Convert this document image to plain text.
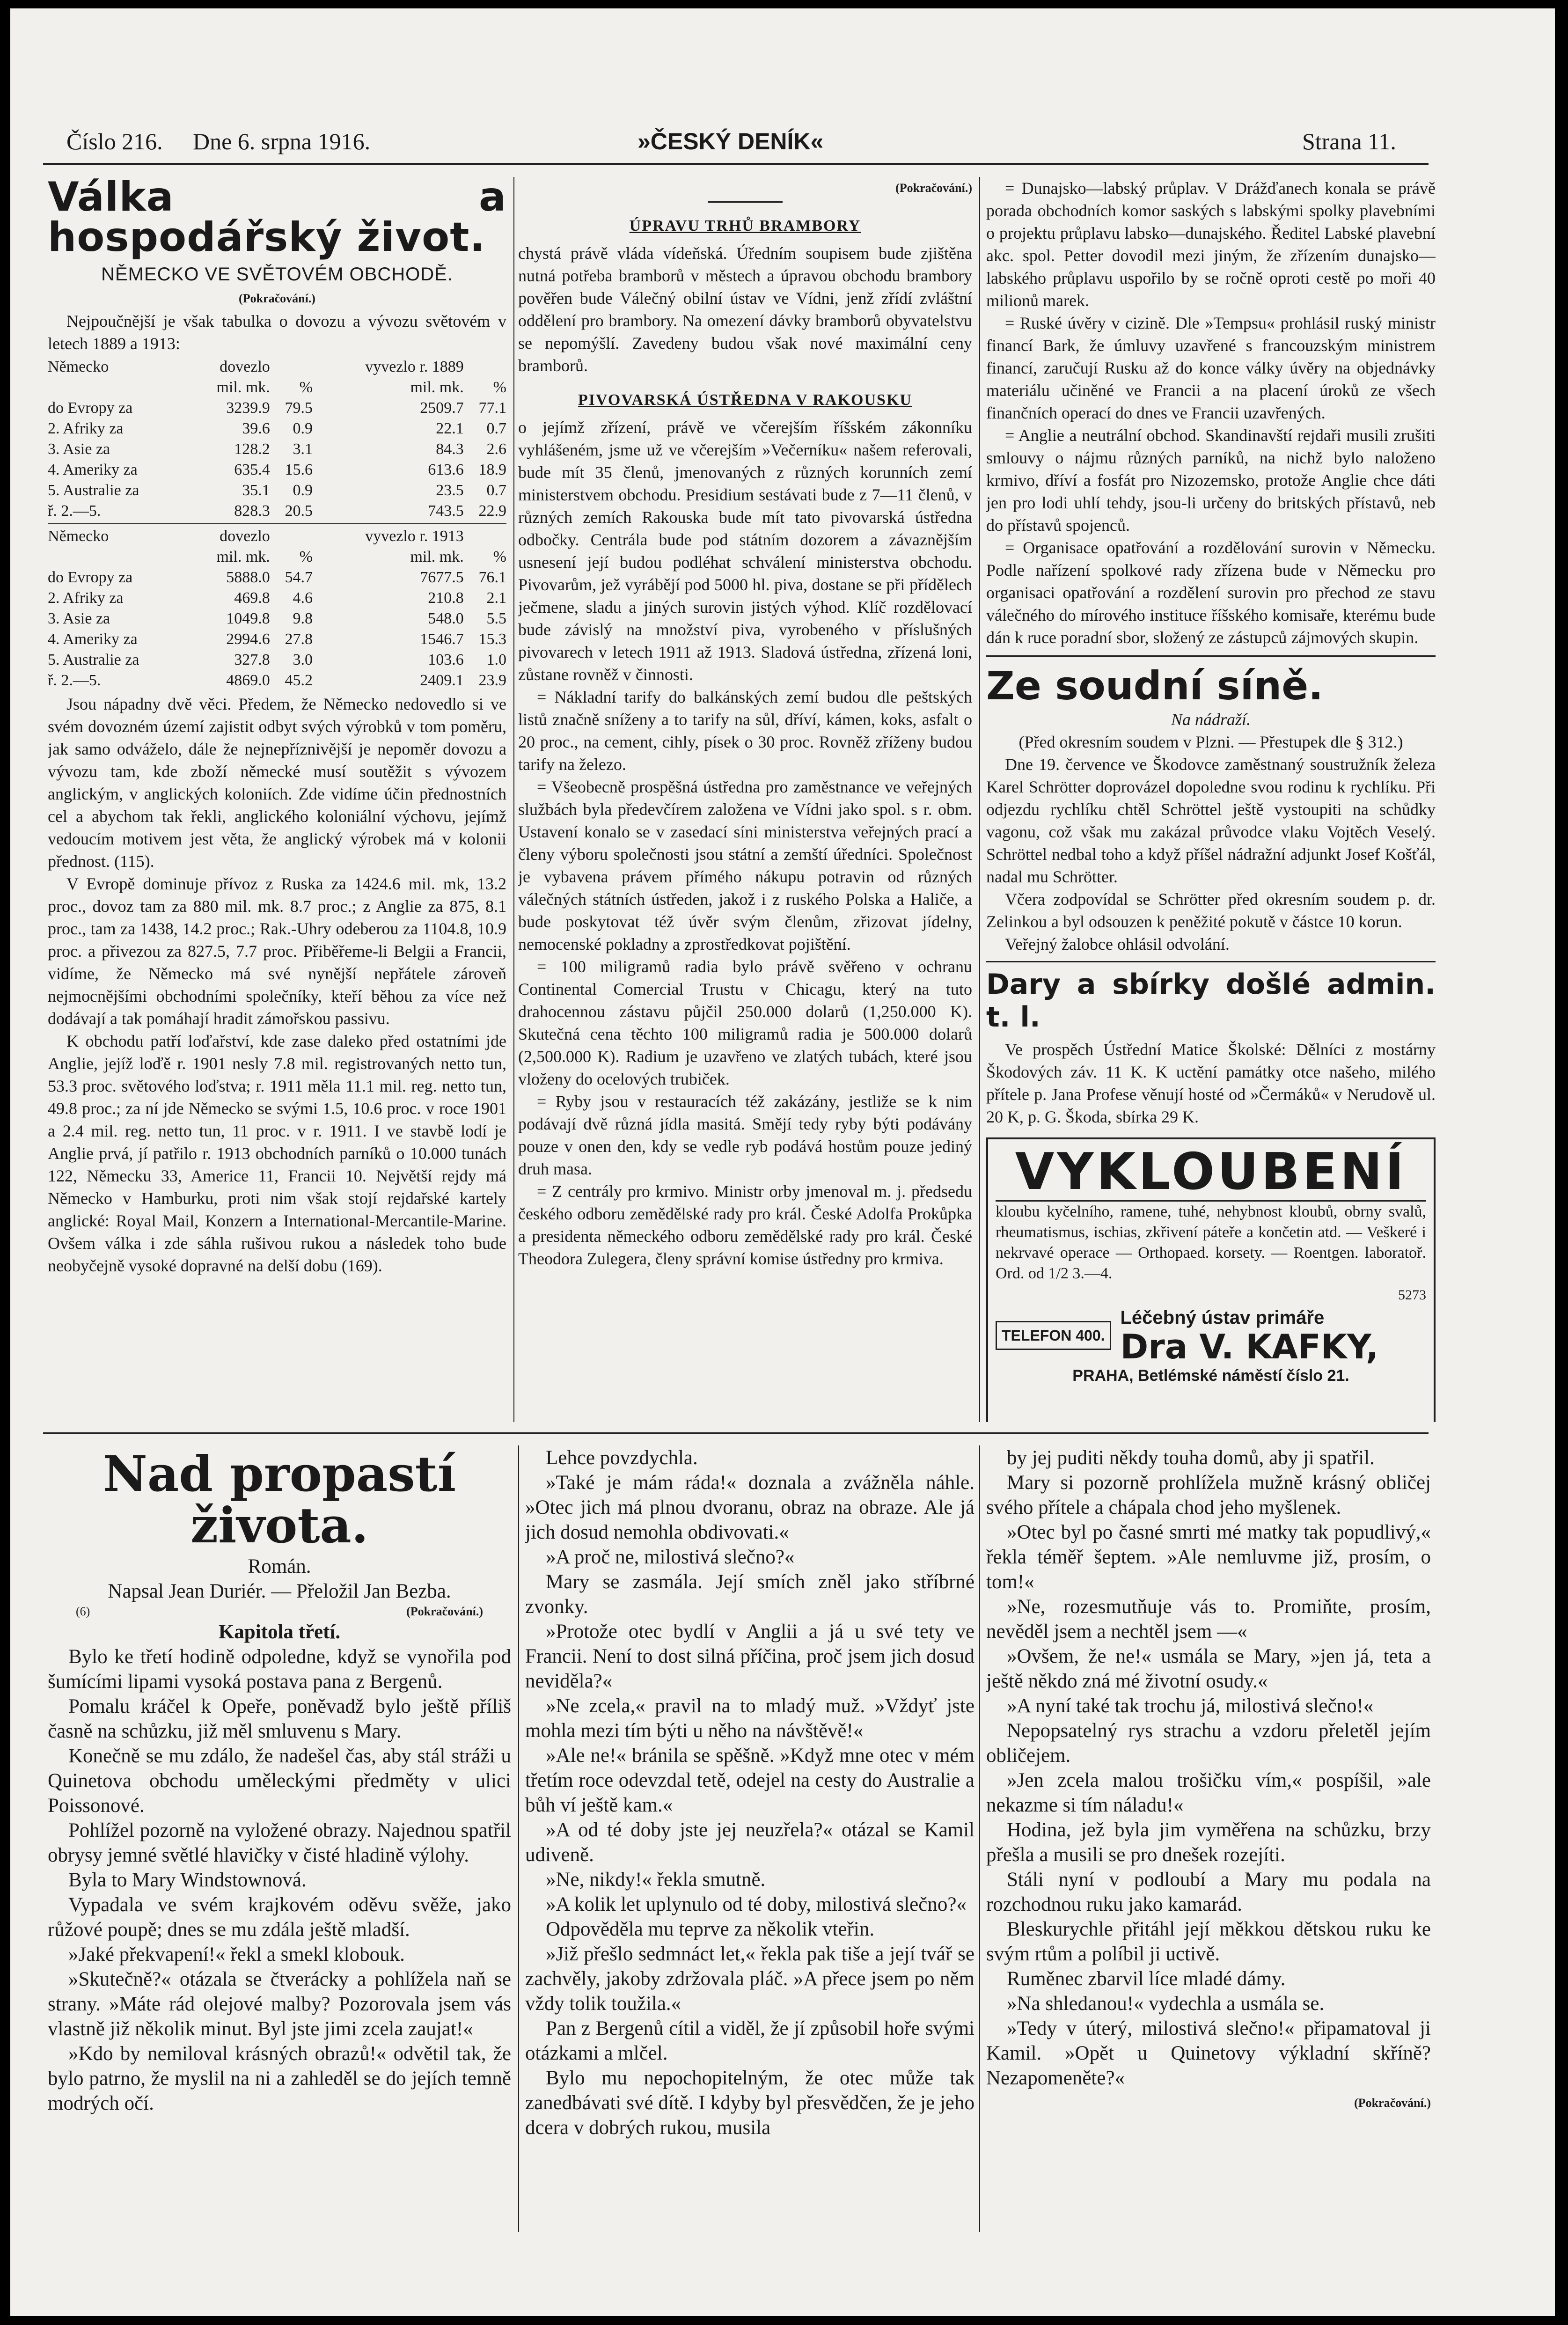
Číslo 216. Dne 6. srpna 1916.	»ČESKÝ DENÍK«	Strana 11.
Válka a hospodářský život.
NĚMECKO VE SVĚTOVÉM OBCHODĚ.

(Pokračování.)

Nejpoučnější je však tabulka o dovozu a vývozu světovém v letech 1889 a 1913:

Německo	dovezlo		vyvezlo r. 1889	
	mil. mk.	%	mil. mk.	%
do Evropy za	3239.9	79.5	2509.7	77.1
2. Afriky za	39.6	0.9	22.1	0.7
3. Asie za	128.2	3.1	84.3	2.6
4. Ameriky za	635.4	15.6	613.6	18.9
5. Australie za	35.1	0.9	23.5	0.7
ř. 2.—5.	828.3	20.5	743.5	22.9
Německo	dovezlo		vyvezlo r. 1913	
	mil. mk.	%	mil. mk.	%
do Evropy za	5888.0	54.7	7677.5	76.1
2. Afriky za	469.8	4.6	210.8	2.1
3. Asie za	1049.8	9.8	548.0	5.5
4. Ameriky za	2994.6	27.8	1546.7	15.3
5. Australie za	327.8	3.0	103.6	1.0
ř. 2.—5.	4869.0	45.2	2409.1	23.9

Jsou nápadny dvě věci. Předem, že Německo nedovedlo si ve svém dovozném území zajistit odbyt svých výrobků v tom poměru, jak samo odváželo, dále že nejnepříznivější je nepoměr dovozu a vývozu tam, kde zboží německé musí soutěžit s vývozem anglickým, v anglických koloniích. Zde vidíme účin přednostních cel a abychom tak řekli, anglického koloniální výchovu, jejímž vedoucím motivem jest věta, že anglický výrobek má v kolonii přednost. (115).

V Evropě dominuje přívoz z Ruska za 1424.6 mil. mk, 13.2 proc., dovoz tam za 880 mil. mk. 8.7 proc.; z Anglie za 875, 8.1 proc., tam za 1438, 14.2 proc.; Rak.-Uhry odeberou za 1104.8, 10.9 proc. a přivezou za 827.5, 7.7 proc. Přiběřeme-li Belgii a Francii, vidíme, že Německo má své nynější nepřátele zároveň nejmocnějšími obchodními společníky, kteří běhou za více než dodávají a tak pomáhají hradit zámořskou passivu.

K obchodu patří loďařství, kde zase daleko před ostatními jde Anglie, jejíž loďě r. 1901 nesly 7.8 mil. registrovaných netto tun, 53.3 proc. světového loďstva; r. 1911 měla 11.1 mil. reg. netto tun, 49.8 proc.; za ní jde Německo se svými 1.5, 10.6 proc. v roce 1901 a 2.4 mil. reg. netto tun, 11 proc. v r. 1911. I ve stavbě lodí je Anglie prvá, jí patřilo r. 1913 obchodních parníků o 10.000 tunách 122, Německu 33, Americe 11, Francii 10. Největší rejdy má Německo v Hamburku, proti nim však stojí rejdařské kartely anglické: Royal Mail, Konzern a International-Mercantile-Marine. Ovšem válka i zde sáhla rušivou rukou a následek toho bude neobyčejně vysoké dopravné na delší dobu (169).

(Pokračování.)

ÚPRAVU TRHŮ BRAMBORY

chystá právě vláda vídeňská. Úředním soupisem bude zjištěna nutná potřeba bramborů v městech a úpravou obchodu brambory pověřen bude Válečný obilní ústav ve Vídni, jenž zřídí zvláštní oddělení pro brambory. Na omezení dávky bramborů obyvatelstvu se nepomýšlí. Zavedeny budou však nové maximální ceny bramborů.

PIVOVARSKÁ ÚSTŘEDNA V RAKOUSKU

o jejímž zřízení, právě ve včerejším říšském zákonníku vyhlášeném, jsme už ve včerejším »Večerníku« našem referovali, bude mít 35 členů, jmenovaných z různých korunních zemí ministerstvem obchodu. Presidium sestávati bude z 7—11 členů, v různých zemích Rakouska bude mít tato pivovarská ústředna odbočky. Centrála bude pod státním dozorem a závaznějším usnesení její budou podléhat schválení ministerstva obchodu. Pivovarům, jež vyrábějí pod 5000 hl. piva, dostane se při přídělech ječmene, sladu a jiných surovin jistých výhod. Klíč rozdělovací bude závislý na množství piva, vyrobeného v příslušných pivovarech v letech 1911 až 1913. Sladová ústředna, zřízená loni, zůstane rovněž v činnosti.

= Nákladní tarify do balkánských zemí budou dle peštských listů značně sníženy a to tarify na sůl, dříví, kámen, koks, asfalt o 20 proc., na cement, cihly, písek o 30 proc. Rovněž zříženy budou tarify na železo.

= Všeobecně prospěšná ústředna pro zaměstnance ve veřejných službách byla předevčírem založena ve Vídni jako spol. s r. obm. Ustavení konalo se v zasedací síni ministerstva veřejných prací a členy výboru společnosti jsou státní a zemští úředníci. Společnost je vybavena právem přímého nákupu potravin od různých válečných státních ústředen, jakož i z ruského Polska a Haliče, a bude poskytovat též úvěr svým členům, zřizovat jídelny, nemocenské pokladny a zprostředkovat pojištění.

= 100 miligramů radia bylo právě svěřeno v ochranu Continental Comercial Trustu v Chicagu, který na tuto drahocennou zástavu půjčil 250.000 dolarů (1,250.000 K). Skutečná cena těchto 100 miligramů radia je 500.000 dolarů (2,500.000 K). Radium je uzavřeno ve zlatých tubách, které jsou vloženy do ocelových trubiček.

= Ryby jsou v restauracích též zakázány, jestliže se k nim podávají dvě různá jídla masitá. Smějí tedy ryby býti podávány pouze v onen den, kdy se vedle ryb podává hostům pouze jediný druh masa.

= Z centrály pro krmivo. Ministr orby jmenoval m. j. předsedu českého odboru zemědělské rady pro král. České Adolfa Prokůpka a presidenta německého odboru zemědělské rady pro král. České Theodora Zulegera, členy správní komise ústředny pro krmiva.

= Dunajsko—labský průplav. V Drážďanech konala se právě porada obchodních komor saských s labskými spolky plavebními o projektu průplavu labsko—dunajského. Ředitel Labské plavební akc. spol. Petter dovodil mezi jiným, že zřízením dunajsko—labského průplavu uspořilo by se ročně oproti cestě po moři 40 milionů marek.

= Ruské úvěry v cizině. Dle »Tempsu« prohlásil ruský ministr financí Bark, že úmluvy uzavřené s francouzským ministrem financí, zaručují Rusku až do konce války úvěry na objednávky materiálu učiněné ve Francii a na placení úroků ze všech finančních operací do dnes ve Francii uzavřených.

= Anglie a neutrální obchod. Skandinavští rejdaři musili zrušiti smlouvy o nájmu různých parníků, na nichž bylo naloženo krmivo, dříví a fosfát pro Nizozemsko, protože Anglie chce dáti jen pro lodi uhlí tehdy, jsou-li určeny do britských přístavů, neb do přístavů spojenců.

= Organisace opatřování a rozdělování surovin v Německu. Podle nařízení spolkové rady zřízena bude v Německu pro organisaci opatřování a rozdělení surovin pro přechod ze stavu válečného do mírového instituce říšského komisaře, kterému bude dán k ruce poradní sbor, složený ze zástupců zájmových skupin.

Ze soudní síně.

Na nádraží.

(Před okresním soudem v Plzni. — Přestupek dle § 312.)

Dne 19. července ve Škodovce zaměstnaný soustružník železa Karel Schrötter doprovázel dopoledne svou rodinu k rychlíku. Při odjezdu rychlíku chtěl Schröttel ještě vystoupiti na schůdky vagonu, což však mu zakázal průvodce vlaku Vojtěch Veselý. Schröttel nedbal toho a když příšel nádražní adjunkt Josef Košťál, nadal mu Schrötter.

Včera zodpovídal se Schrötter před okresním soudem p. dr. Zelinkou a byl odsouzen k peněžité pokutě v částce 10 korun.

Veřejný žalobce ohlásil odvolání.

Dary a sbírky došlé admin. t. l.

Ve prospěch Ústřední Matice Školské: Dělníci z mostárny Škodových záv. 11 K. K uctění památky otce našeho, milého přítele p. Jana Profese věnují hosté od »Čermáků« v Nerudově ul. 20 K, p. G. Škoda, sbírka 29 K.

VYKLOUBENÍ

kloubu kyčelního, ramene, tuhé, nehybnost kloubů, obrny svalů, rheumatismus, ischias, zkřivení páteře a končetin atd. — Veškeré i nekrvavé operace — Orthopaed. korsety. — Roentgen. laboratoř. Ord. od 1/2 3.—4.

5273

TELEFON 400.
Léčebný ústav primáře
Dra V. KAFKY,
PRAHA, Betlémské náměstí číslo 21.
Nad propastí života.

Román.

Napsal Jean Duriér. — Přeložil Jan Bezba.

(6)	(Pokračování.)

Kapitola třetí.

Bylo ke třetí hodině odpoledne, když se vynořila pod šumícími lipami vysoká postava pana z Bergenů.

Pomalu kráčel k Opeře, poněvadž bylo ještě příliš časně na schůzku, již měl smluvenu s Mary.

Konečně se mu zdálo, že nadešel čas, aby stál stráži u Quinetova obchodu uměleckými předměty v ulici Poissonové.

Pohlížel pozorně na vyložené obrazy. Najednou spatřil obrysy jemné světlé hlavičky v čisté hladině výlohy.

Byla to Mary Windstownová.

Vypadala ve svém krajkovém oděvu svěže, jako růžové poupě; dnes se mu zdála ještě mladší.

»Jaké překvapení!« řekl a smekl klobouk.

»Skutečně?« otázala se čtverácky a pohlížela naň se strany. »Máte rád olejové malby? Pozorovala jsem vás vlastně již několik minut. Byl jste jimi zcela zaujat!«

»Kdo by nemiloval krásných obrazů!« odvětil tak, že bylo patrno, že myslil na ni a zahleděl se do jejích temně modrých očí.

Lehce povzdychla.

»Také je mám ráda!« doznala a zvážněla náhle. »Otec jich má plnou dvoranu, obraz na obraze. Ale já jich dosud nemohla obdivovati.«

»A proč ne, milostivá slečno?«

Mary se zasmála. Její smích zněl jako stříbrné zvonky.

»Protože otec bydlí v Anglii a já u své tety ve Francii. Není to dost silná příčina, proč jsem jich dosud neviděla?«

»Ne zcela,« pravil na to mladý muž. »Vždyť jste mohla mezi tím býti u něho na návštěvě!«

»Ale ne!« bránila se spěšně. »Když mne otec v mém třetím roce odevzdal tetě, odejel na cesty do Australie a bůh ví ještě kam.«

»A od té doby jste jej neuzřela?« otázal se Kamil udiveně.

»Ne, nikdy!« řekla smutně.

»A kolik let uplynulo od té doby, milostivá slečno?«

Odpověděla mu teprve za několik vteřin.

»Již přešlo sedmnáct let,« řekla pak tiše a její tvář se zachvěly, jakoby zdržovala pláč. »A přece jsem po něm vždy tolik toužila.«

Pan z Bergenů cítil a viděl, že jí způsobil hoře svými otázkami a mlčel.

Bylo mu nepochopitelným, že otec může tak zanedbávati své dítě. I kdyby byl přesvědčen, že je jeho dcera v dobrých rukou, musila

by jej puditi někdy touha domů, aby ji spatřil.

Mary si pozorně prohlížela mužně krásný obličej svého přítele a chápala chod jeho myšlenek.

»Otec byl po časné smrti mé matky tak popudlivý,« řekla téměř šeptem. »Ale nemluvme již, prosím, o tom!«

»Ne, rozesmutňuje vás to. Promiňte, prosím, nevěděl jsem a nechtěl jsem —«

»Ovšem, že ne!« usmála se Mary, »jen já, teta a ještě někdo zná mé životní osudy.«

»A nyní také tak trochu já, milostivá slečno!«

Nepopsatelný rys strachu a vzdoru přeletěl jejím obličejem.

»Jen zcela malou trošičku vím,« pospíšil, »ale nekazme si tím náladu!«

Hodina, jež byla jim vyměřena na schůzku, brzy přešla a musili se pro dnešek rozejíti.

Stáli nyní v podloubí a Mary mu podala na rozchodnou ruku jako kamarád.

Bleskurychle přitáhl její měkkou dětskou ruku ke svým rtům a políbil ji uctivě.

Ruměnec zbarvil líce mladé dámy.

»Na shledanou!« vydechla a usmála se.

»Tedy v úterý, milostivá slečno!« připamatoval ji Kamil. »Opět u Quinetovy výkladní skříně? Nezapomeněte?«

(Pokračování.)
